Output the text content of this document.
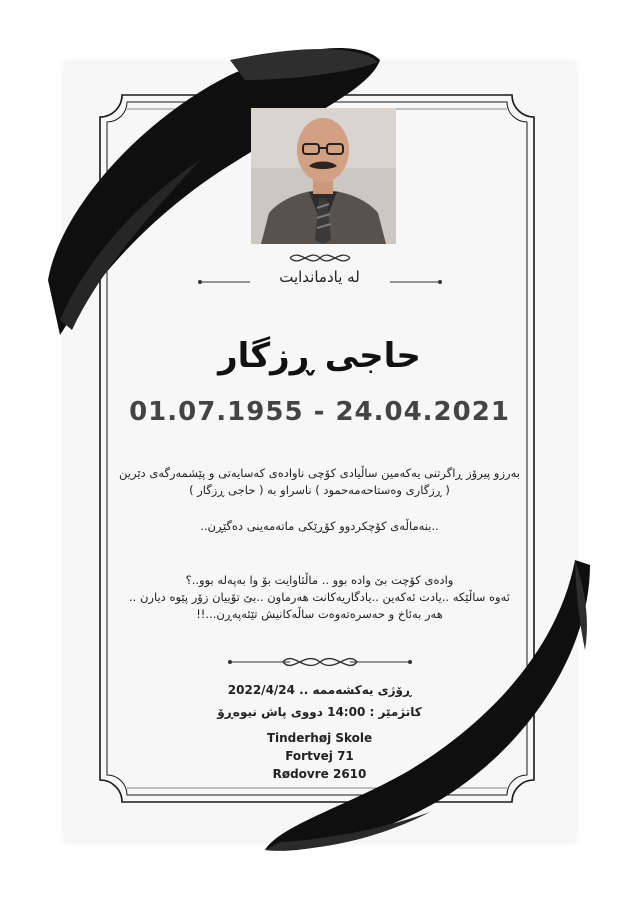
له یادماندایت
حاجی ڕزگار
01.07.1955 - 24.04.2021
بەرزو پیرۆز ڕاگرتنی یەکەمین ساڵیادی کۆچی ناوادەی کەسایەتی و پێشمەرگەی دێرین
( ڕزگاری وەستاحەمەحمود ) ناسراو بە ( حاجی ڕزگار )
..بنەماڵەی کۆچکردوو کۆڕێکی ماتەمەینی دەگێڕن..
وادەی کۆچت بێ وادە بوو .. ماڵئاوایت بۆ وا بەپەلە بوو..؟
ئەوە ساڵێکە ..یادت ئەکەین ..یادگاریەکانت هەرماون ..بێ تۆییان زۆر پێوە دیارن ..
هەر بەئاخ و حەسرەتەوەت ساڵەکانیش تێئەپەڕن...!!
ڕۆژی یەکشەممە .. 2022/4/24
کاتژمێر : 14:00 دووی پاش نیوەڕۆ
Tinderhøj Skole
Fortvej 71
Rødovre 2610
